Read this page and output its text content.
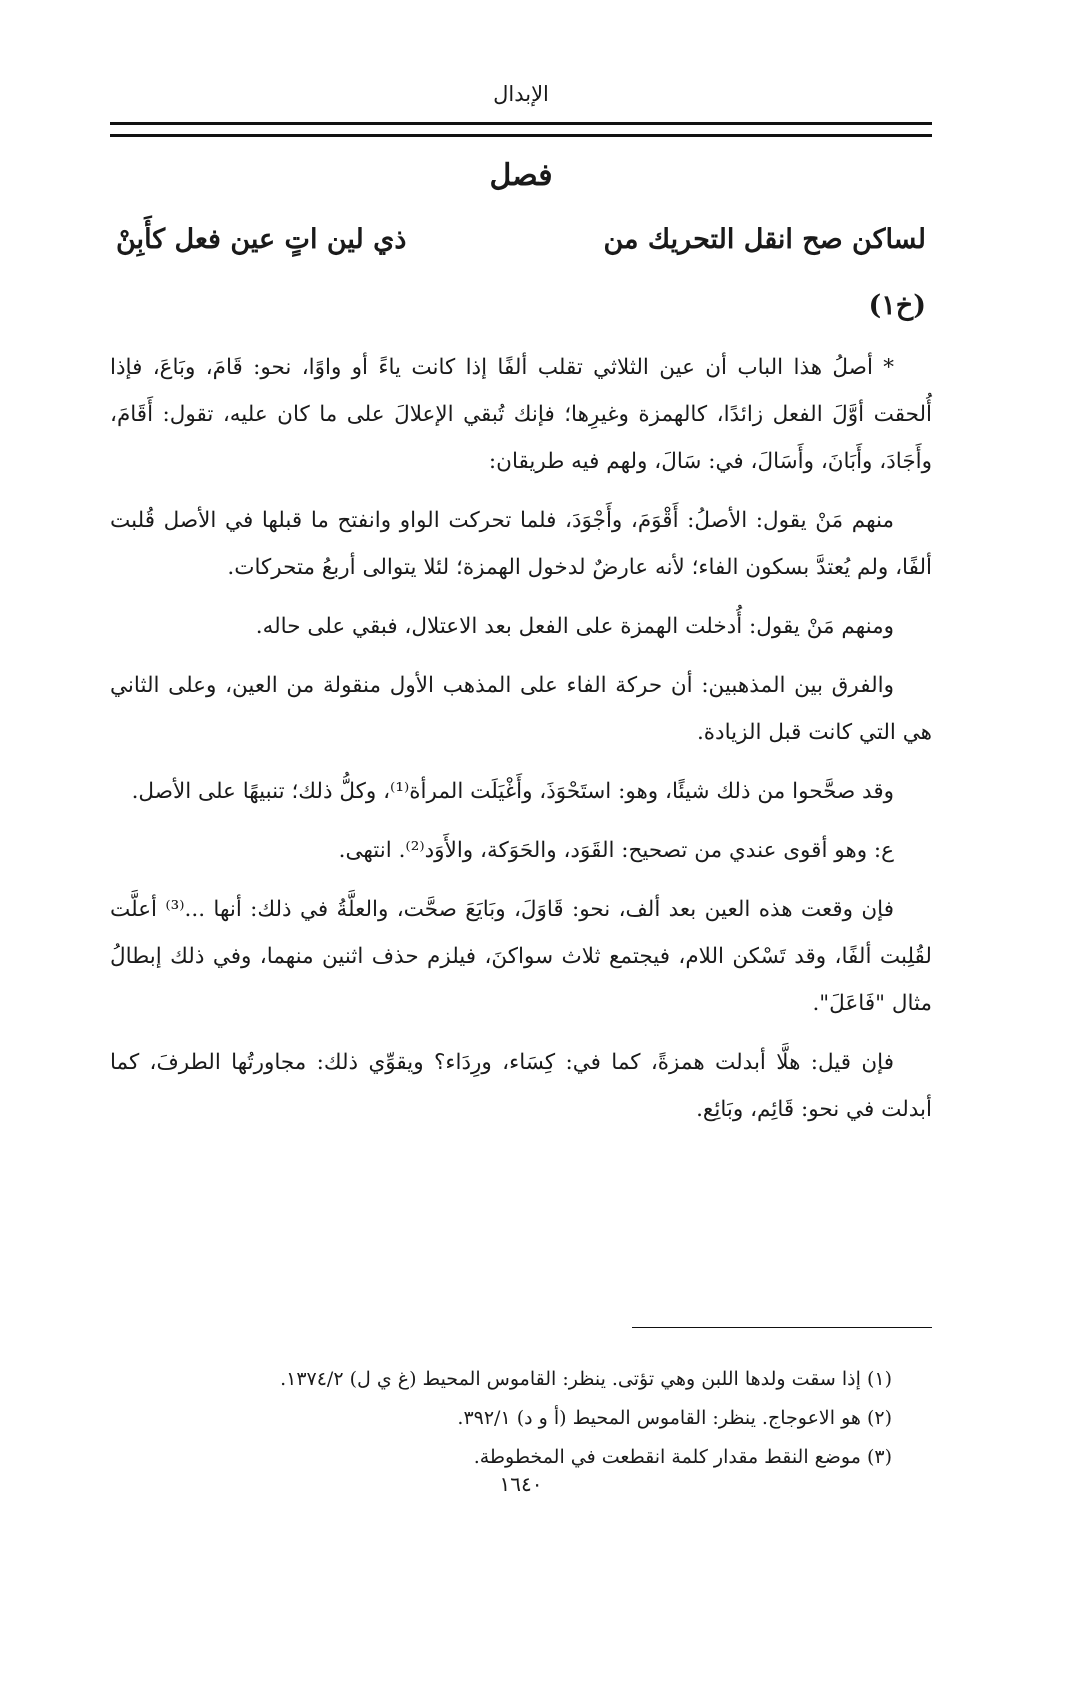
الإبدال
فصل
لساكن صح انقل التحريك من
ذي لين اتٍ عين فعل كأَبِنْ
(خ١)

* أصلُ هذا الباب أن عين الثلاثي تقلب ألفًا إذا كانت ياءً أو واوًا، نحو: قَامَ، وبَاعَ، فإذا أُلحقت أوَّلَ الفعل زائدًا، كالهمزة وغيرِها؛ فإنك تُبقي الإعلالَ على ما كان عليه، تقول: أَقَامَ، وأَجَادَ، وأَبَانَ، وأَسَالَ، في: سَالَ، ولهم فيه طريقان:

منهم مَنْ يقول: الأصلُ: أَقْوَمَ، وأَجْوَدَ، فلما تحركت الواو وانفتح ما قبلها في الأصل قُلبت ألفًا، ولم يُعتدَّ بسكون الفاء؛ لأنه عارضٌ لدخول الهمزة؛ لئلا يتوالى أربعُ متحركات.

ومنهم مَنْ يقول: أُدخلت الهمزة على الفعل بعد الاعتلال، فبقي على حاله.

والفرق بين المذهبين: أن حركة الفاء على المذهب الأول منقولة من العين، وعلى الثاني هي التي كانت قبل الزيادة.

وقد صحَّحوا من ذلك شيئًا، وهو: استَحْوَذَ، وأَغْيَلَت المرأة⁽¹⁾، وكلُّ ذلك؛ تنبيهًا على الأصل.

ع: وهو أقوى عندي من تصحيح: القَوَد، والحَوَكة، والأَوَد⁽²⁾. انتهى.

فإن وقعت هذه العين بعد ألف، نحو: قَاوَلَ، وبَايَعَ صحَّت، والعلَّةُ في ذلك: أنها ...⁽³⁾ أعلَّت لقُلِبت ألفًا، وقد تَسْكن اللام، فيجتمع ثلاث سواكنَ، فيلزم حذف اثنين منهما، وفي ذلك إبطالُ مثال "فَاعَلَ".

فإن قيل: هلَّا أبدلت همزةً، كما في: كِسَاء، ورِدَاء؟ ويقوِّي ذلك: مجاورتُها الطرفَ، كما أبدلت في نحو: قَائِم، وبَائِع.

(١) إذا سقت ولدها اللبن وهي تؤتى. ينظر: القاموس المحيط (غ ي ل) ١٣٧٤/٢.

(٢) هو الاعوجاج. ينظر: القاموس المحيط (أ و د) ٣٩٢/١.

(٣) موضع النقط مقدار كلمة انقطعت في المخطوطة.

١٦٤٠
